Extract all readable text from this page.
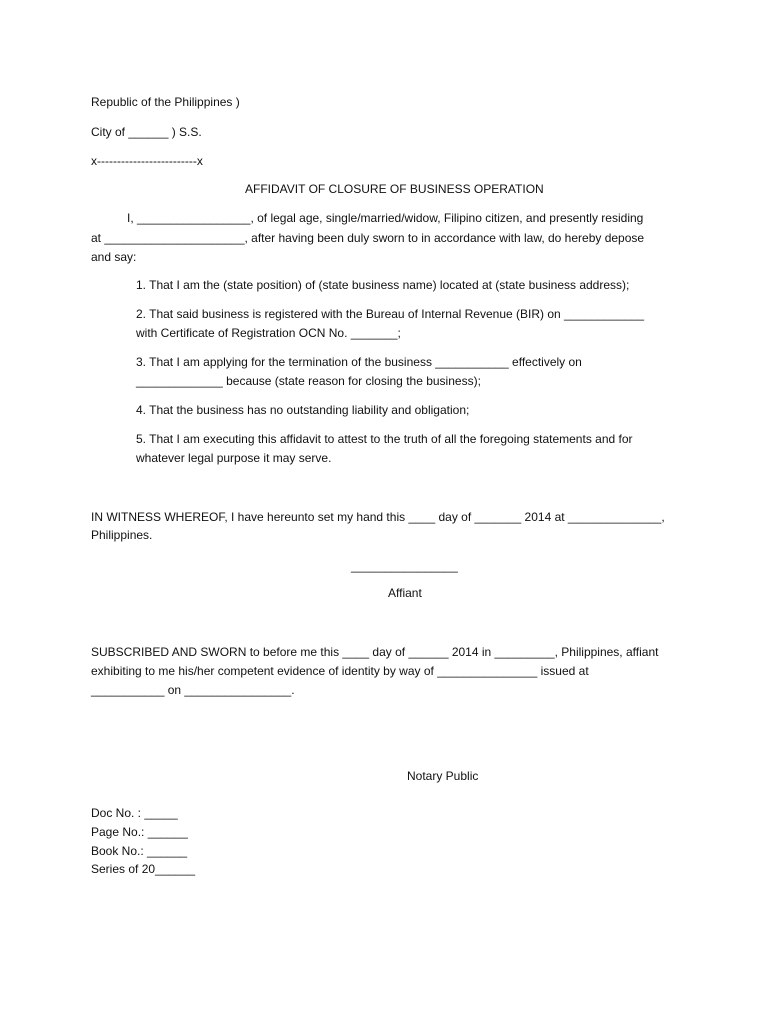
Republic of the Philippines )
City of ______ ) S.S.
x-------------------------x
AFFIDAVIT OF CLOSURE OF BUSINESS OPERATION
I, _________________, of legal age, single/married/widow, Filipino citizen, and presently residing
at _____________________, after having been duly sworn to in accordance with law, do hereby depose
and say:
1. That I am the (state position) of (state business name) located at (state business address);
2. That said business is registered with the Bureau of Internal Revenue (BIR) on ____________
with Certificate of Registration OCN No. _______;
3. That I am applying for the termination of the business ___________ effectively on
_____________ because (state reason for closing the business);
4. That the business has no outstanding liability and obligation;
5. That I am executing this affidavit to attest to the truth of all the foregoing statements and for
whatever legal purpose it may serve.
IN WITNESS WHEREOF, I have hereunto set my hand this ____ day of _______ 2014 at ______________,
Philippines.
________________
Affiant
SUBSCRIBED AND SWORN to before me this ____ day of ______ 2014 in _________, Philippines, affiant
exhibiting to me his/her competent evidence of identity by way of _______________ issued at
___________ on ________________.
Notary Public
Doc No. : _____
Page No.: ______
Book No.: ______
Series of 20______
